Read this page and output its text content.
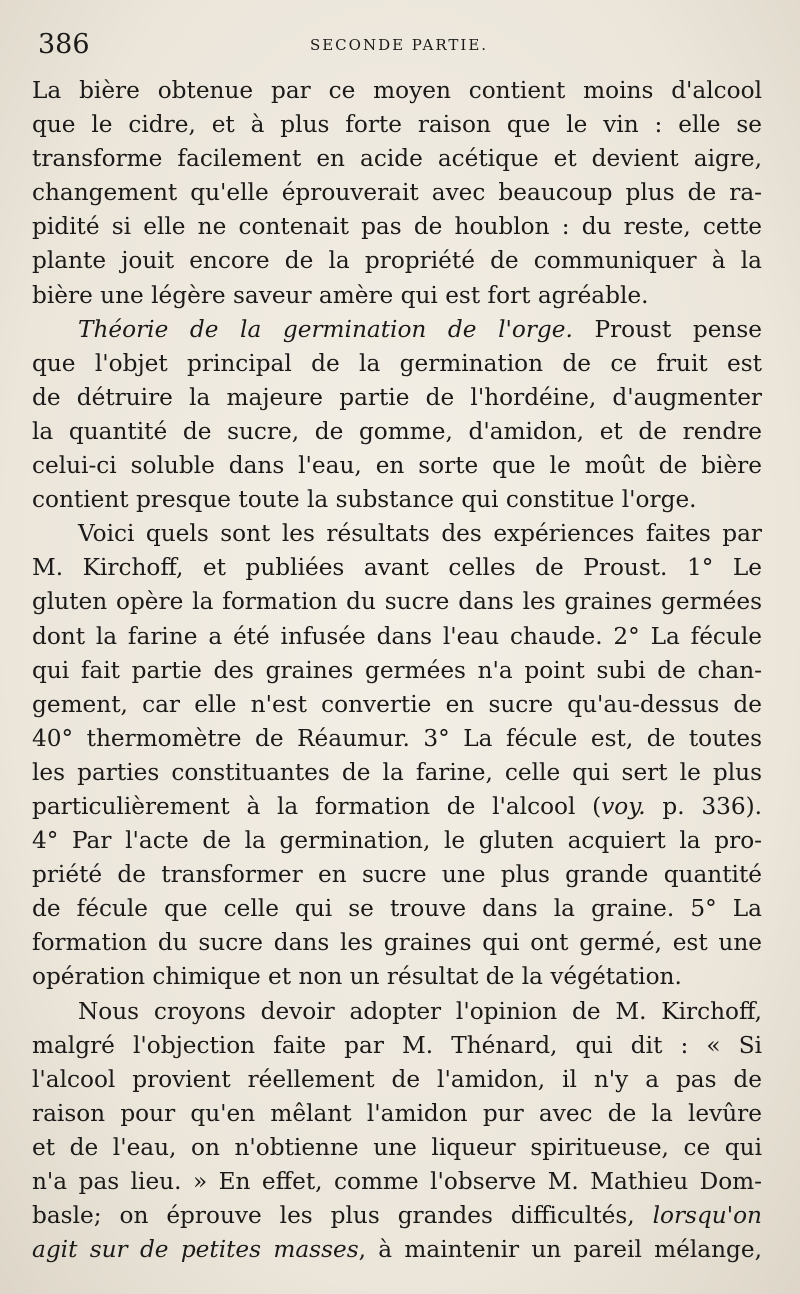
386	SECONDE PARTIE.
La bière obtenue par ce moyen contient moins d'alcool
que le cidre, et à plus forte raison que le vin : elle se
transforme facilement en acide acétique et devient aigre,
changement qu'elle éprouverait avec beaucoup plus de ra-
pidité si elle ne contenait pas de houblon : du reste, cette
plante jouit encore de la propriété de communiquer à la
bière une légère saveur amère qui est fort agréable.
Théorie de la germination de l'orge. Proust pense
que l'objet principal de la germination de ce fruit est
de détruire la majeure partie de l'hordéine, d'augmenter
la quantité de sucre, de gomme, d'amidon, et de rendre
celui-ci soluble dans l'eau, en sorte que le moût de bière
contient presque toute la substance qui constitue l'orge.
Voici quels sont les résultats des expériences faites par
M. Kirchoff, et publiées avant celles de Proust. 1° Le
gluten opère la formation du sucre dans les graines germées
dont la farine a été infusée dans l'eau chaude. 2° La fécule
qui fait partie des graines germées n'a point subi de chan-
gement, car elle n'est convertie en sucre qu'au-dessus de
40° thermomètre de Réaumur. 3° La fécule est, de toutes
les parties constituantes de la farine, celle qui sert le plus
particulièrement à la formation de l'alcool (voy. p. 336).
4° Par l'acte de la germination, le gluten acquiert la pro-
priété de transformer en sucre une plus grande quantité
de fécule que celle qui se trouve dans la graine. 5° La
formation du sucre dans les graines qui ont germé, est une
opération chimique et non un résultat de la végétation.
Nous croyons devoir adopter l'opinion de M. Kirchoff,
malgré l'objection faite par M. Thénard, qui dit : « Si
l'alcool provient réellement de l'amidon, il n'y a pas de
raison pour qu'en mêlant l'amidon pur avec de la levûre
et de l'eau, on n'obtienne une liqueur spiritueuse, ce qui
n'a pas lieu. » En effet, comme l'observe M. Mathieu Dom-
basle; on éprouve les plus grandes difficultés, lorsqu'on
agit sur de petites masses, à maintenir un pareil mélange,
